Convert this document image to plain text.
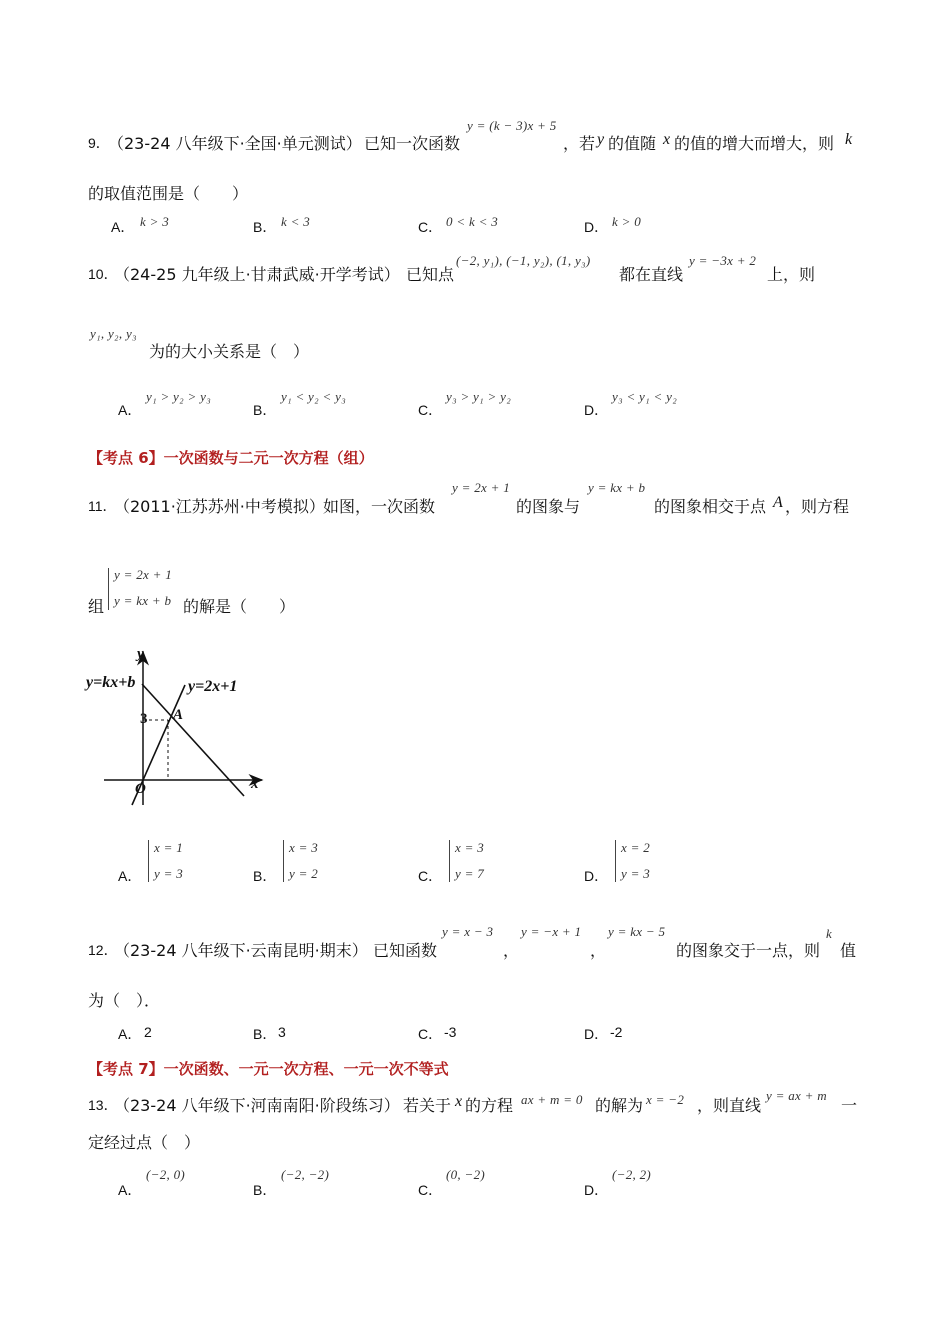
9．
（23-24 八年级下·全国·单元测试） 已知一次函数
y = (k − 3)x + 5
，若 y 的值随 x 的值的增大而增大，则 k
的取值范围是（　　）
A． k > 3	B． k < 3	C． 0 < k < 3	D． k > 0
10．
（24-25 九年级上·甘肃武威·开学考试） 已知点
(−2, y₁), (−1, y₂), (1, y₃)
都在直线
y = −3x + 2
上，则
y₁, y₂, y₃
为的大小关系是（　）
A．
y₁ > y₂ > y₃
B．
y₁ < y₂ < y₃
C．
y₃ > y₁ > y₂
D．
y₃ < y₁ < y₂
【考点 6】一次函数与二元一次方程（组）
11．
（2011·江苏苏州·中考模拟）
如图，一次函数
y = 2x + 1
的图象与
y = kx + b
的图象相交于点 A ，则方程
组
y = 2x + 1
y = kx + b 的解是（　　）
y
x
O
y=kx+b	y=2x+1
3 A
A．
x = 1
y = 3	B．
x = 3
y = 2	C．
x = 3
y = 7	D．
x = 2
y = 3
12．
（23-24 八年级下·云南昆明·期末） 已知函数
y = x − 3
，
y = −x + 1
，
y = kx − 5
的图象交于一点，则
k
值
为（　）．
A． 2	B． 3	C． -3	D． -2
【考点 7】一次函数、一元一次方程、一元一次不等式
13．
（23-24 八年级下·河南南阳·阶段练习） 若关于 x 的方程 ax + m = 0 的解为 x = −2 ，则直线
y = ax + m
一
定经过点（　）
A．
(−2, 0)
B．
(−2, −2)
C．
(0, −2)
D．
(−2, 2)
